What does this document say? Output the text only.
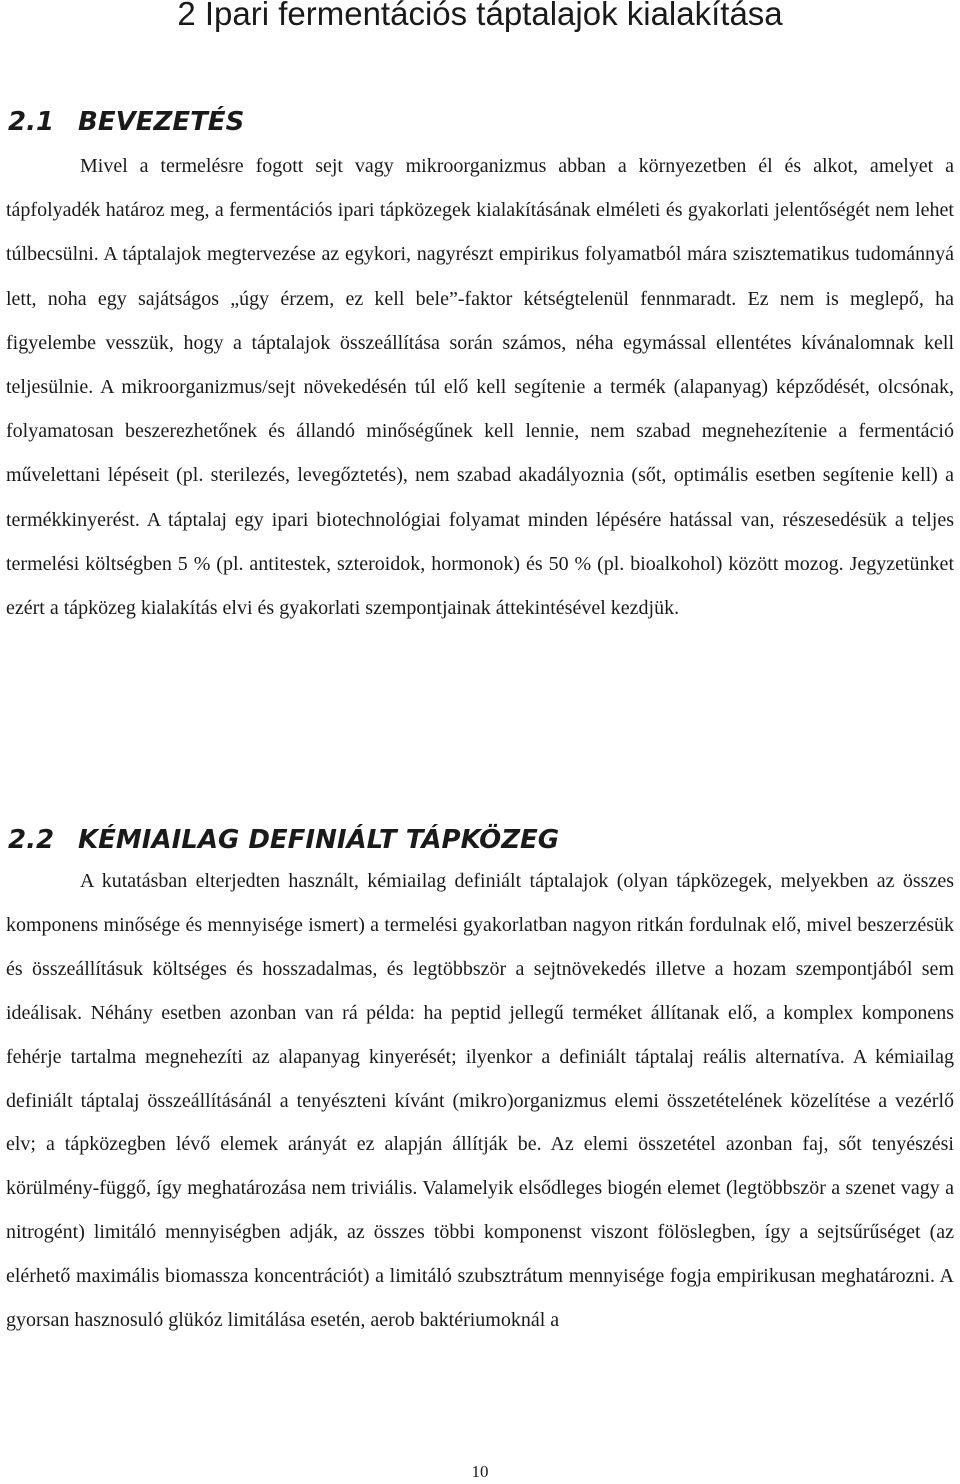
2 Ipari fermentációs táptalajok kialakítása
2.1 BEVEZETÉS

Mivel a termelésre fogott sejt vagy mikroorganizmus abban a környezetben él és alkot, amelyet a tápfolyadék határoz meg, a fermentációs ipari tápközegek kialakításának elméleti és gyakorlati jelentőségét nem lehet túlbecsülni. A táptalajok megtervezése az egykori, nagyrészt empirikus folyamatból mára szisztematikus tudománnyá lett, noha egy sajátságos „úgy érzem, ez kell bele”-faktor kétségtelenül fennmaradt. Ez nem is meglepő, ha figyelembe vesszük, hogy a táptalajok összeállítása során számos, néha egymással ellentétes kívánalomnak kell teljesülnie. A mikroorganizmus/sejt növekedésén túl elő kell segítenie a termék (alapanyag) képződését, olcsónak, folyamatosan beszerezhetőnek és állandó minőségűnek kell lennie, nem szabad megnehezítenie a fermentáció művelettani lépéseit (pl. sterilezés, levegőztetés), nem szabad akadályoznia (sőt, optimális esetben segítenie kell) a termékkinyerést. A táptalaj egy ipari biotechnológiai folyamat minden lépésére hatással van, részesedésük a teljes termelési költségben 5 % (pl. antitestek, szteroidok, hormonok) és 50 % (pl. bioalkohol) között mozog. Jegyzetünket ezért a tápközeg kialakítás elvi és gyakorlati szempontjainak áttekintésével kezdjük.

2.2 KÉMIAILAG DEFINIÁLT TÁPKÖZEG

A kutatásban elterjedten használt, kémiailag definiált táptalajok (olyan tápközegek, melyekben az összes komponens minősége és mennyisége ismert) a termelési gyakorlatban nagyon ritkán fordulnak elő, mivel beszerzésük és összeállításuk költséges és hosszadalmas, és legtöbbször a sejtnövekedés illetve a hozam szempontjából sem ideálisak. Néhány esetben azonban van rá példa: ha peptid jellegű terméket állítanak elő, a komplex komponens fehérje tartalma megnehezíti az alapanyag kinyerését; ilyenkor a definiált táptalaj reális alternatíva. A kémiailag definiált táptalaj összeállításánál a tenyészteni kívánt (mikro)organizmus elemi összetételének közelítése a vezérlő elv; a tápközegben lévő elemek arányát ez alapján állítják be. Az elemi összetétel azonban faj, sőt tenyészési körülmény-függő, így meghatározása nem triviális. Valamelyik elsődleges biogén elemet (legtöbbször a szenet vagy a nitrogént) limitáló mennyiségben adják, az összes többi komponenst viszont fölöslegben, így a sejtsűrűséget (az elérhető maximális biomassza koncentrációt) a limitáló szubsztrátum mennyisége fogja empirikusan meghatározni. A gyorsan hasznosuló glükóz limitálása esetén, aerob baktériumoknál a

10
